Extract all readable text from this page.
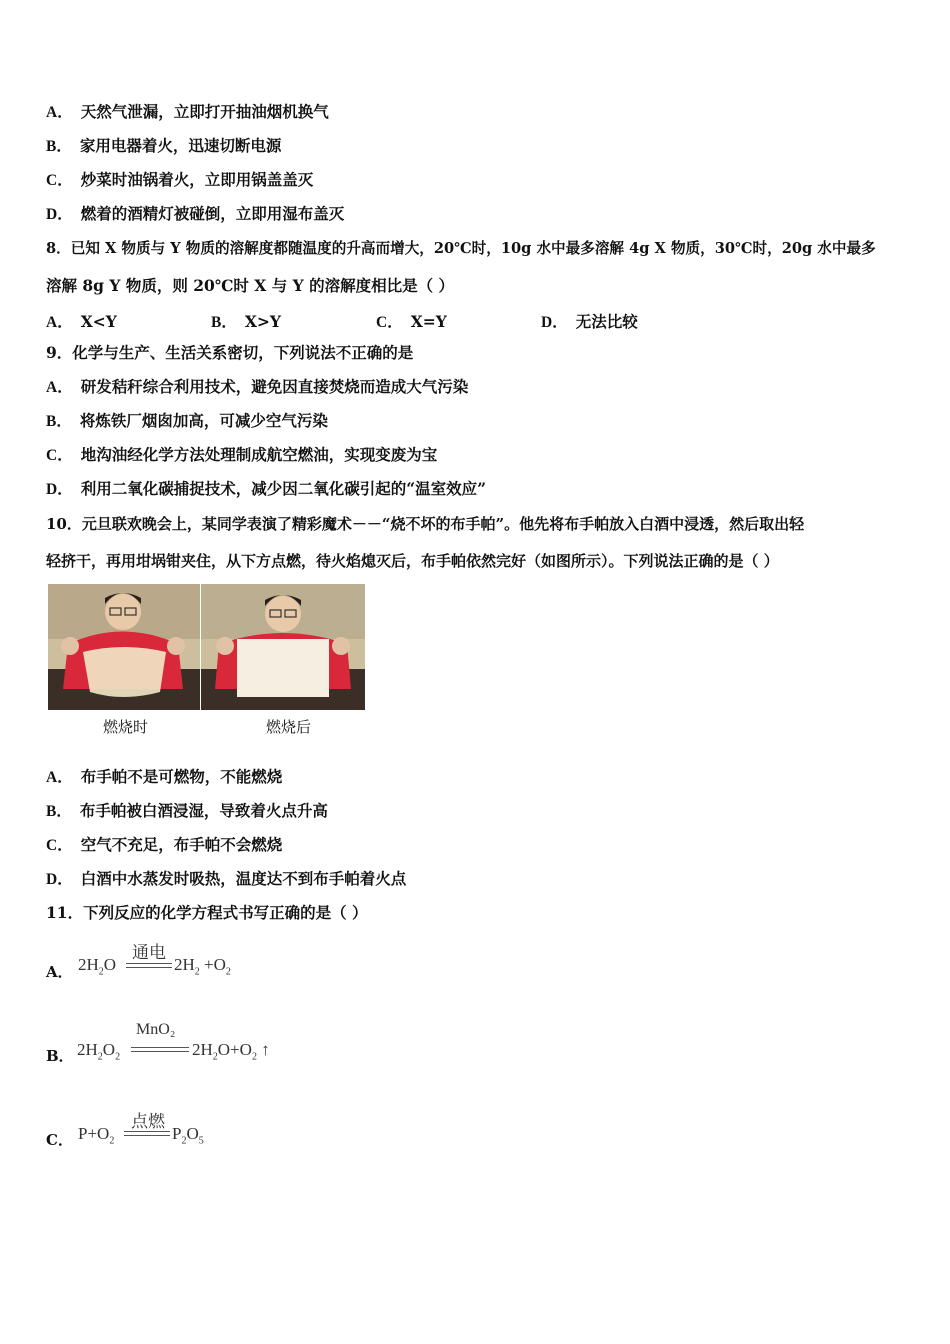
A． 天然气泄漏，立即打开抽油烟机换气
B． 家用电器着火，迅速切断电源
C． 炒菜时油锅着火，立即用锅盖盖灭
D． 燃着的酒精灯被碰倒，立即用湿布盖灭
8．已知 X 物质与 Y 物质的溶解度都随温度的升高而增大，20℃时，10g 水中最多溶解 4g X 物质，30℃时，20g 水中最多
溶解 8g Y 物质，则 20℃时 X 与 Y 的溶解度相比是（ ）
A． X<Y	B． X>Y	C． X=Y	D． 无法比较
9．化学与生产、生活关系密切，下列说法不正确的是
A． 研发秸秆综合利用技术，避免因直接焚烧而造成大气污染
B． 将炼铁厂烟囱加高，可减少空气污染
C． 地沟油经化学方法处理制成航空燃油，实现变废为宝
D． 利用二氧化碳捕捉技术，减少因二氧化碳引起的“温室效应”
10．元旦联欢晚会上，某同学表演了精彩魔术－－“烧不坏的布手帕”。他先将布手帕放入白酒中浸透，然后取出轻
轻挤干，再用坩埚钳夹住，从下方点燃，待火焰熄灭后，布手帕依然完好（如图所示）。下列说法正确的是（ ）
燃烧时	燃烧后
A． 布手帕不是可燃物，不能燃烧
B． 布手帕被白酒浸湿，导致着火点升高
C． 空气不充足，布手帕不会燃烧
D． 白酒中水蒸发时吸热，温度达不到布手帕着火点
11．下列反应的化学方程式书写正确的是（ ）
A． $2H_2O$
通电
$2H_2 +O_2$
B． $2H_2O_2$
MnO₂
$2H_2O+O_2$ ↑
C． $P+O_2$
点燃
$P_2O_5$
